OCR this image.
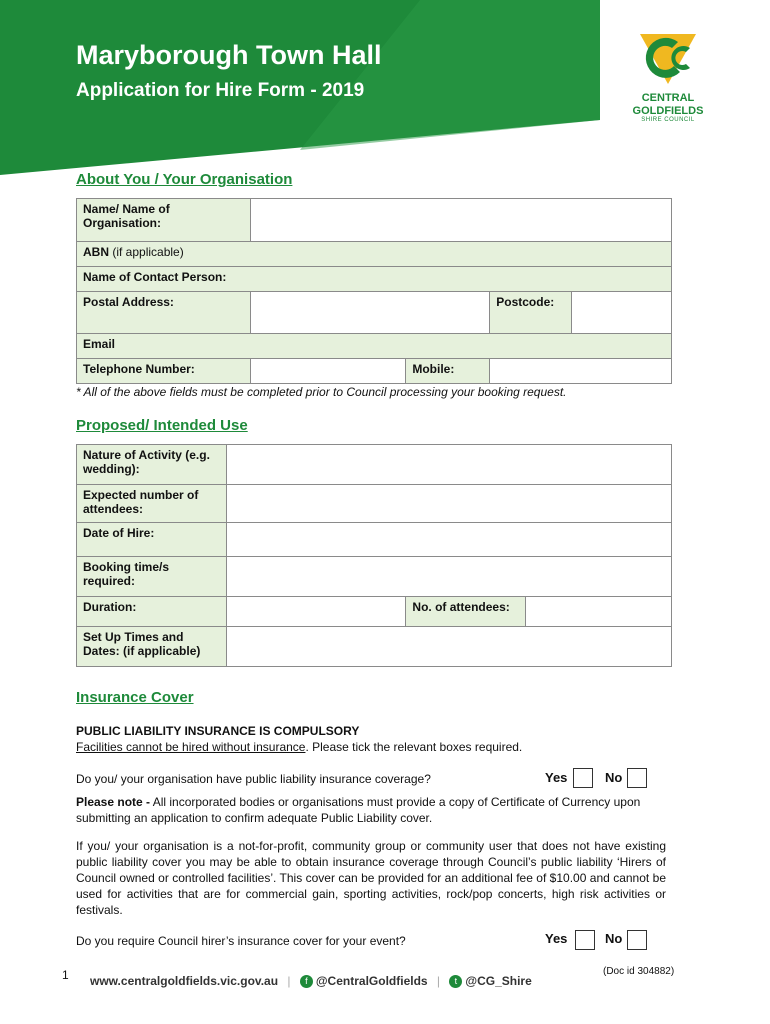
Maryborough Town Hall
Application for Hire Form - 2019	CENTRAL
GOLDFIELDS
SHIRE COUNCIL
About You / Your Organisation
Name/ Name of Organisation:				
ABN (if applicable)				
Name of Contact Person:				
Postal Address:			Postcode:	
Email				
Telephone Number:		Mobile:		
* All of the above fields must be completed prior to Council processing your booking request.
Proposed/ Intended Use
Nature of Activity (e.g. wedding):			
Expected number of attendees:			
Date of Hire:			
Booking time/s required:			
Duration:		No. of attendees:	
Set Up Times and Dates: (if applicable)			
Insurance Cover
PUBLIC LIABILITY INSURANCE IS COMPULSORY
Facilities cannot be hired without insurance. Please tick the relevant boxes required.
Do you/ your organisation have public liability insurance coverage?	Yes	No
Please note - All incorporated bodies or organisations must provide a copy of Certificate of Currency upon submitting an application to confirm adequate Public Liability cover.
If you/ your organisation is a not-for-profit, community group or community user that does not have existing public liability cover you may be able to obtain insurance coverage through Council’s public liability ‘Hirers of Council owned or controlled facilities’. This cover can be provided for an additional fee of $10.00 and cannot be used for activities that are for commercial gain, sporting activities, rock/pop concerts, high risk activities or festivals.
Do you require Council hirer’s insurance cover for your event?	Yes	No
1 www.centralgoldfields.vic.gov.au | f @CentralGoldfields | t @CG_Shire
(Doc id 304882)
